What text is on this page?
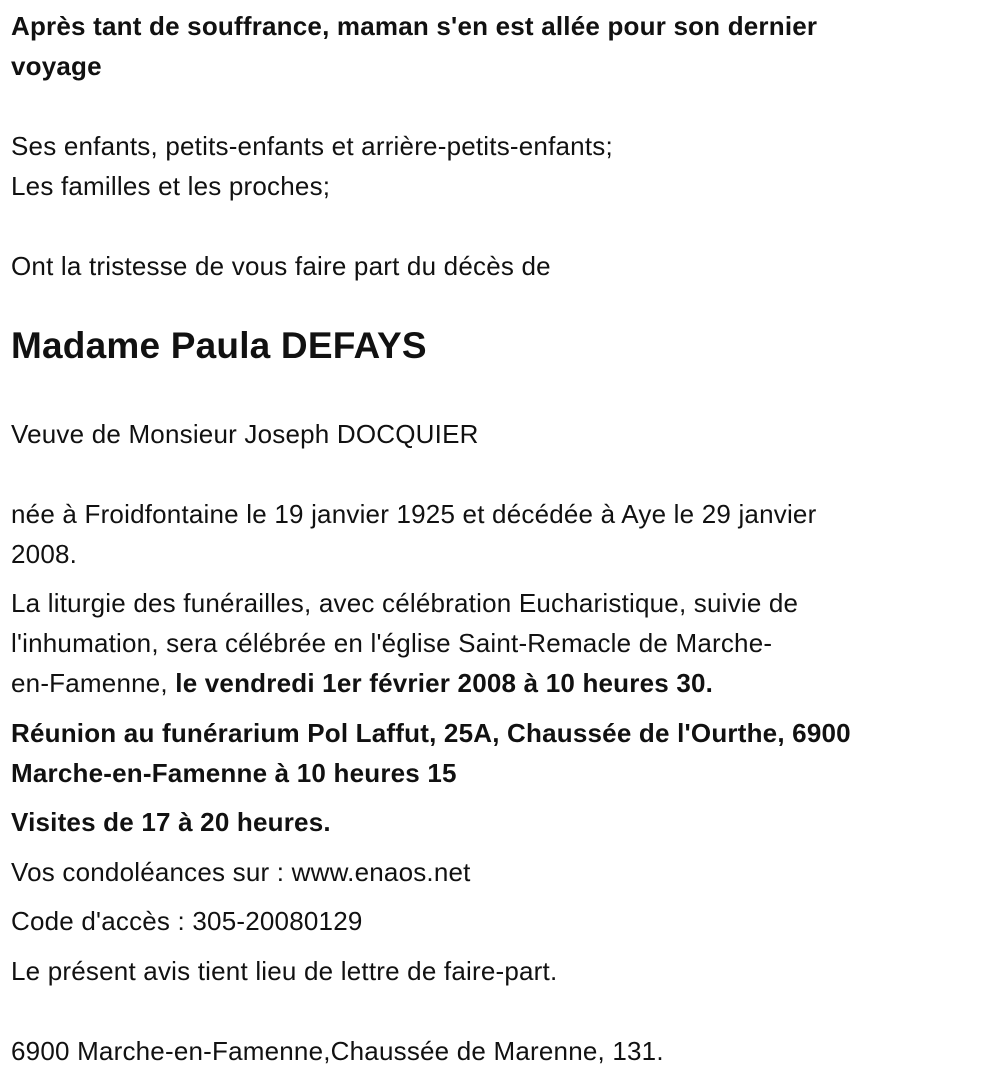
Après tant de souffrance, maman s'en est allée pour son dernier
voyage
Ses enfants, petits-enfants et arrière-petits-enfants;
Les familles et les proches;
Ont la tristesse de vous faire part du décès de
Madame Paula DEFAYS
Veuve de Monsieur Joseph DOCQUIER
née à Froidfontaine le 19 janvier 1925 et décédée à Aye le 29 janvier
2008.
La liturgie des funérailles, avec célébration Eucharistique, suivie de
l'inhumation, sera célébrée en l'église Saint-Remacle de Marche-
en-Famenne, le vendredi 1er février 2008 à 10 heures 30.
Réunion au funérarium Pol Laffut, 25A, Chaussée de l'Ourthe, 6900
Marche-en-Famenne à 10 heures 15
Visites de 17 à 20 heures.
Vos condoléances sur : www.enaos.net
Code d'accès : 305-20080129
Le présent avis tient lieu de lettre de faire-part.
6900 Marche-en-Famenne,Chaussée de Marenne, 131.
